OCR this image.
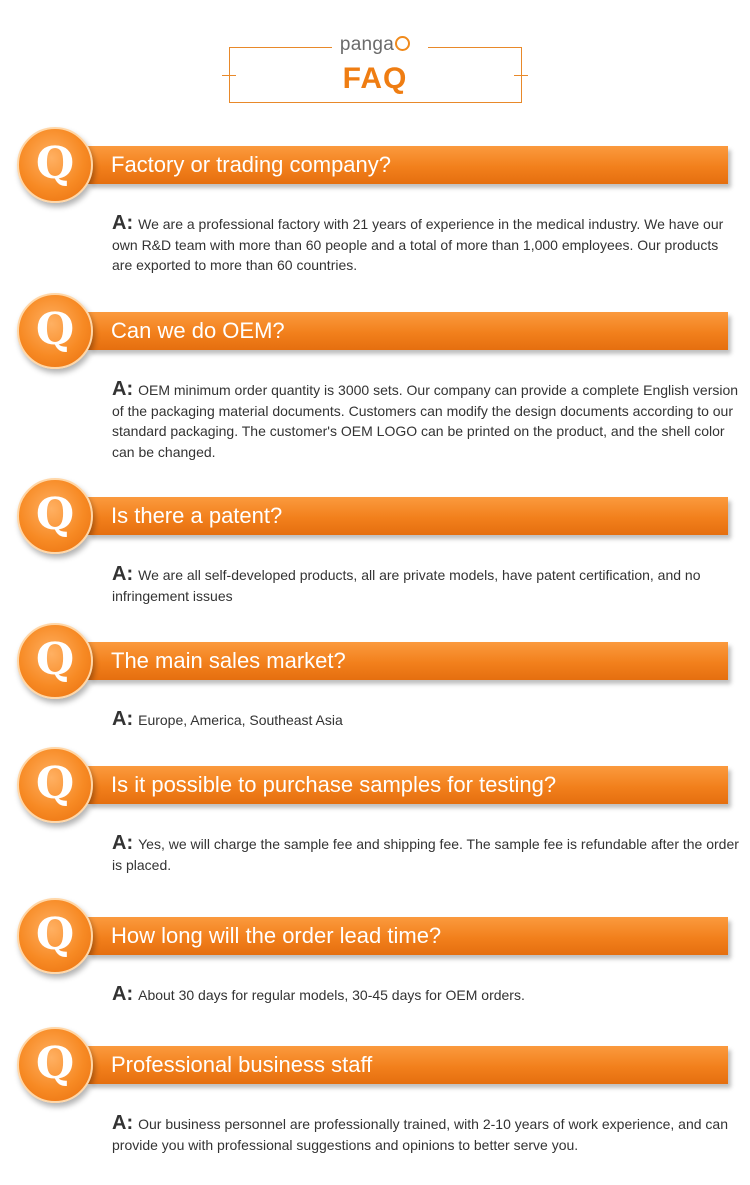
panga
FAQ
Factory or trading company?
Q
A: We are a professional factory with 21 years of experience in the medical industry. We have our own R&D team with more than 60 people and a total of more than 1,000 employees. Our products are exported to more than 60 countries.
Can we do OEM?
Q
A: OEM minimum order quantity is 3000 sets. Our company can provide a complete English version of the packaging material documents. Customers can modify the design documents according to our standard packaging. The customer's OEM LOGO can be printed on the product, and the shell color can be changed.
Is there a patent?
Q
A: We are all self-developed products, all are private models, have patent certification, and no infringement issues
The main sales market?
Q
A: Europe, America, Southeast Asia
Is it possible to purchase samples for testing?
Q
A: Yes, we will charge the sample fee and shipping fee. The sample fee is refundable after the order is placed.
How long will the order lead time?
Q
A: About 30 days for regular models, 30-45 days for OEM orders.
Professional business staff
Q
A: Our business personnel are professionally trained, with 2-10 years of work experience, and can provide you with professional suggestions and opinions to better serve you.
